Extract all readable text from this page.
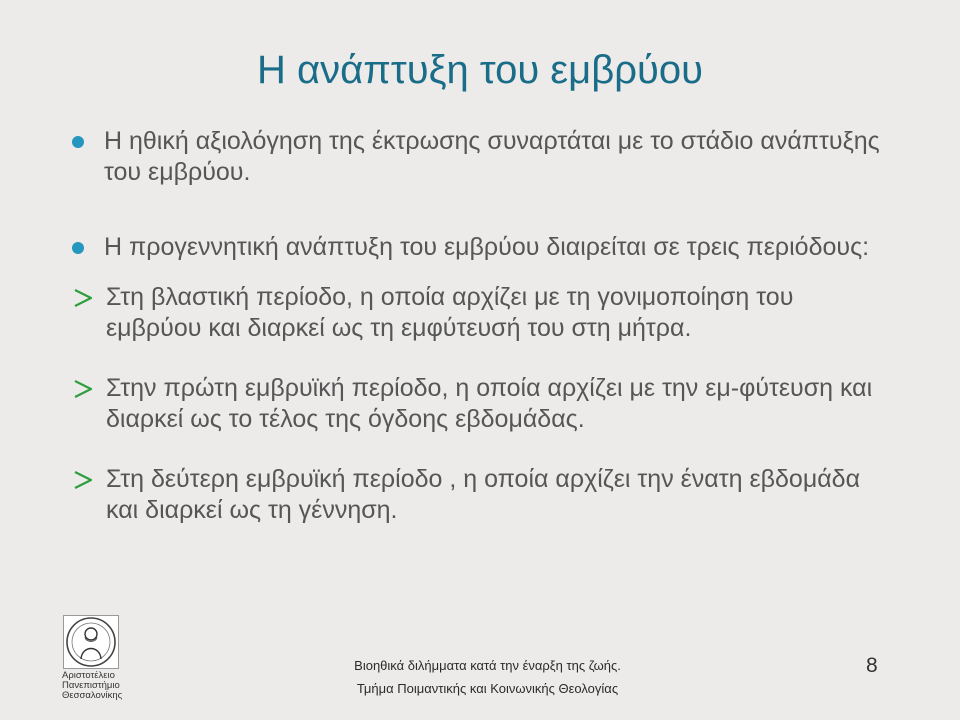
Η ανάπτυξη του εμβρύου
Η ηθική αξιολόγηση της έκτρωσης συναρτάται με το στάδιο ανάπτυξης του εμβρύου.
Η προγεννητική ανάπτυξη του εμβρύου διαιρείται σε τρεις περιόδους:
Στη βλαστική περίοδο, η οποία αρχίζει με τη γονιμοποίηση του εμβρύου και διαρκεί ως τη εμφύτευσή του στη μήτρα.
Στην πρώτη εμβρυϊκή περίοδο, η οποία αρχίζει με την εμ-φύτευση και διαρκεί ως το τέλος της όγδοης εβδομάδας.
Στη δεύτερη εμβρυϊκή περίοδο , η οποία αρχίζει την ένατη εβδομάδα και διαρκεί ως τη γέννηση.
Αριστοτέλειο
Πανεπιστήμιο
Θεσσαλονίκης
Βιοηθικά διλήμματα κατά την έναρξη της ζωής.
Τμήμα Ποιμαντικής και Κοινωνικής Θεολογίας
8
